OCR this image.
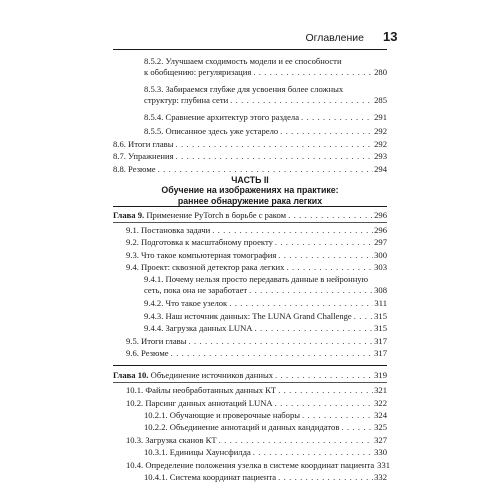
Оглавление 13
8.5.2. Улучшаем сходимость модели и ее способности
к обобщению: регуляризация . . .	280
8.5.3. Забираемся глубже для усвоения более сложных
структур: глубина сети . . .	285
8.5.4. Сравнение архитектур этого раздела . . .	291
8.5.5. Описанное здесь уже устарело . . .	292
8.6. Итоги главы . . .	292
8.7. Упражнения . . .	293
8.8. Резюме . . .	294
ЧАСТЬ II
Обучение на изображениях на практике:
раннее обнаружение рака легких
Глава 9. Применение PyTorch в борьбе с раком . . .	296
9.1. Постановка задачи . . .	296
9.2. Подготовка к масштабному проекту . . .	297
9.3. Что такое компьютерная томография . . .	300
9.4. Проект: сквозной детектор рака легких . . .	303
9.4.1. Почему нельзя просто передавать данные в нейронную
сеть, пока она не заработает . . .	308
9.4.2. Что такое узелок . . .	311
9.4.3. Наш источник данных: The LUNA Grand Challenge . . .	315
9.4.4. Загрузка данных LUNA . . .	315
9.5. Итоги главы . . .	317
9.6. Резюме . . .	317
Глава 10. Объединение источников данных . . .	319
10.1. Файлы необработанных данных КТ . . .	321
10.2. Парсинг данных аннотаций LUNA . . .	322
10.2.1. Обучающие и проверочные наборы . . .	324
10.2.2. Объединение аннотаций и данных кандидатов . . .	325
10.3. Загрузка сканов КТ . . .	327
10.3.1. Единицы Хаунсфилда . . .	330
10.4. Определение положения узелка в системе координат пациента 331
10.4.1. Система координат пациента . . .	332
